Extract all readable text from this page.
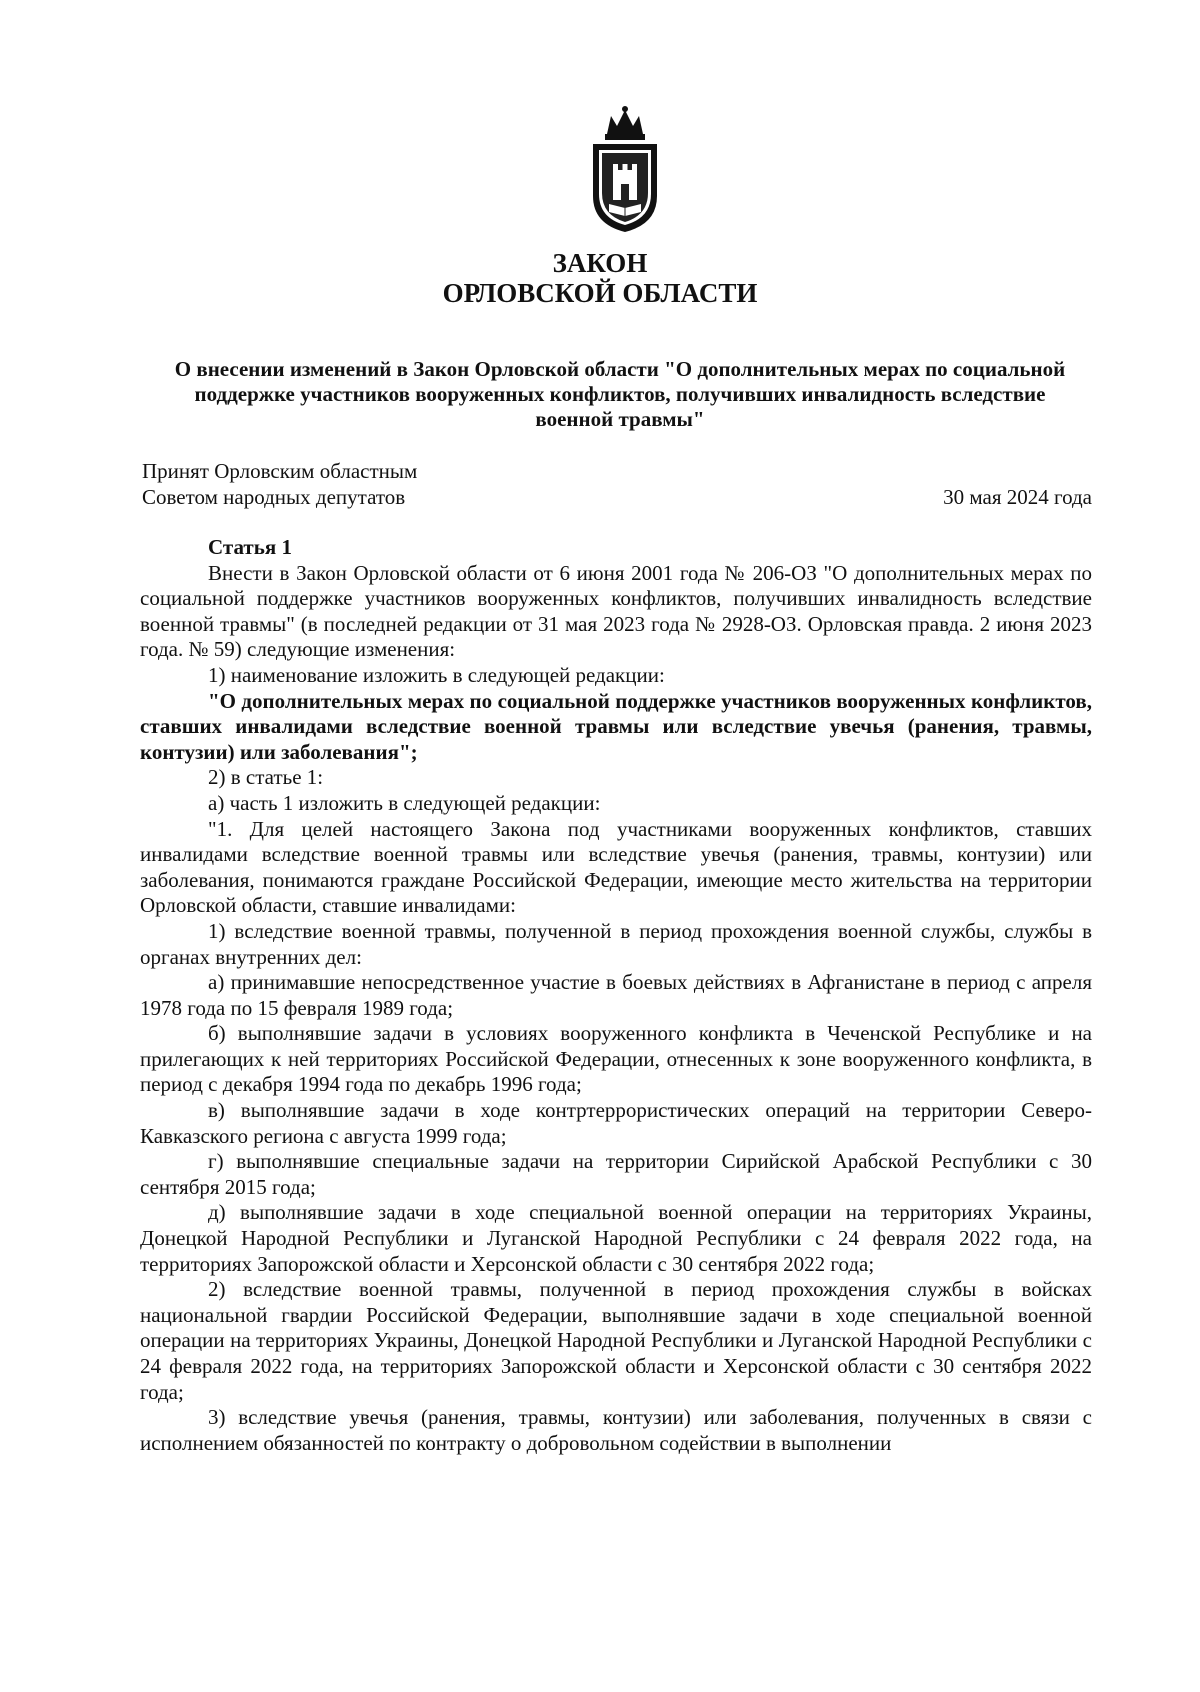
ЗАКОН

ОРЛОВСКОЙ ОБЛАСТИ

О внесении изменений в Закон Орловской области "О дополнительных мерах по социальной поддержке участников вооруженных конфликтов, получивших инвалидность вследствие военной травмы"

Принят Орловским областным
Советом народных депутатов	30 мая 2024 года

Статья 1

Внести в Закон Орловской области от 6 июня 2001 года № 206-ОЗ "О дополнительных мерах по социальной поддержке участников вооруженных конфликтов, получивших инвалидность вследствие военной травмы" (в последней редакции от 31 мая 2023 года № 2928-ОЗ. Орловская правда. 2 июня 2023 года. № 59) следующие изменения:

1) наименование изложить в следующей редакции:

"О дополнительных мерах по социальной поддержке участников вооруженных конфликтов, ставших инвалидами вследствие военной травмы или вследствие увечья (ранения, травмы, контузии) или заболевания";

2) в статье 1:

а) часть 1 изложить в следующей редакции:

"1. Для целей настоящего Закона под участниками вооруженных конфликтов, ставших инвалидами вследствие военной травмы или вследствие увечья (ранения, травмы, контузии) или заболевания, понимаются граждане Российской Федерации, имеющие место жительства на территории Орловской области, ставшие инвалидами:

1) вследствие военной травмы, полученной в период прохождения военной службы, службы в органах внутренних дел:

а) принимавшие непосредственное участие в боевых действиях в Афганистане в период с апреля 1978 года по 15 февраля 1989 года;

б) выполнявшие задачи в условиях вооруженного конфликта в Чеченской Республике и на прилегающих к ней территориях Российской Федерации, отнесенных к зоне вооруженного конфликта, в период с декабря 1994 года по декабрь 1996 года;

в) выполнявшие задачи в ходе контртеррористических операций на территории Северо-Кавказского региона с августа 1999 года;

г) выполнявшие специальные задачи на территории Сирийской Арабской Республики с 30 сентября 2015 года;

д) выполнявшие задачи в ходе специальной военной операции на территориях Украины, Донецкой Народной Республики и Луганской Народной Республики с 24 февраля 2022 года, на территориях Запорожской области и Херсонской области с 30 сентября 2022 года;

2) вследствие военной травмы, полученной в период прохождения службы в войсках национальной гвардии Российской Федерации, выполнявшие задачи в ходе специальной военной операции на территориях Украины, Донецкой Народной Республики и Луганской Народной Республики с 24 февраля 2022 года, на территориях Запорожской области и Херсонской области с 30 сентября 2022 года;

3) вследствие увечья (ранения, травмы, контузии) или заболевания, полученных в связи с исполнением обязанностей по контракту о добровольном содействии в выполнении
